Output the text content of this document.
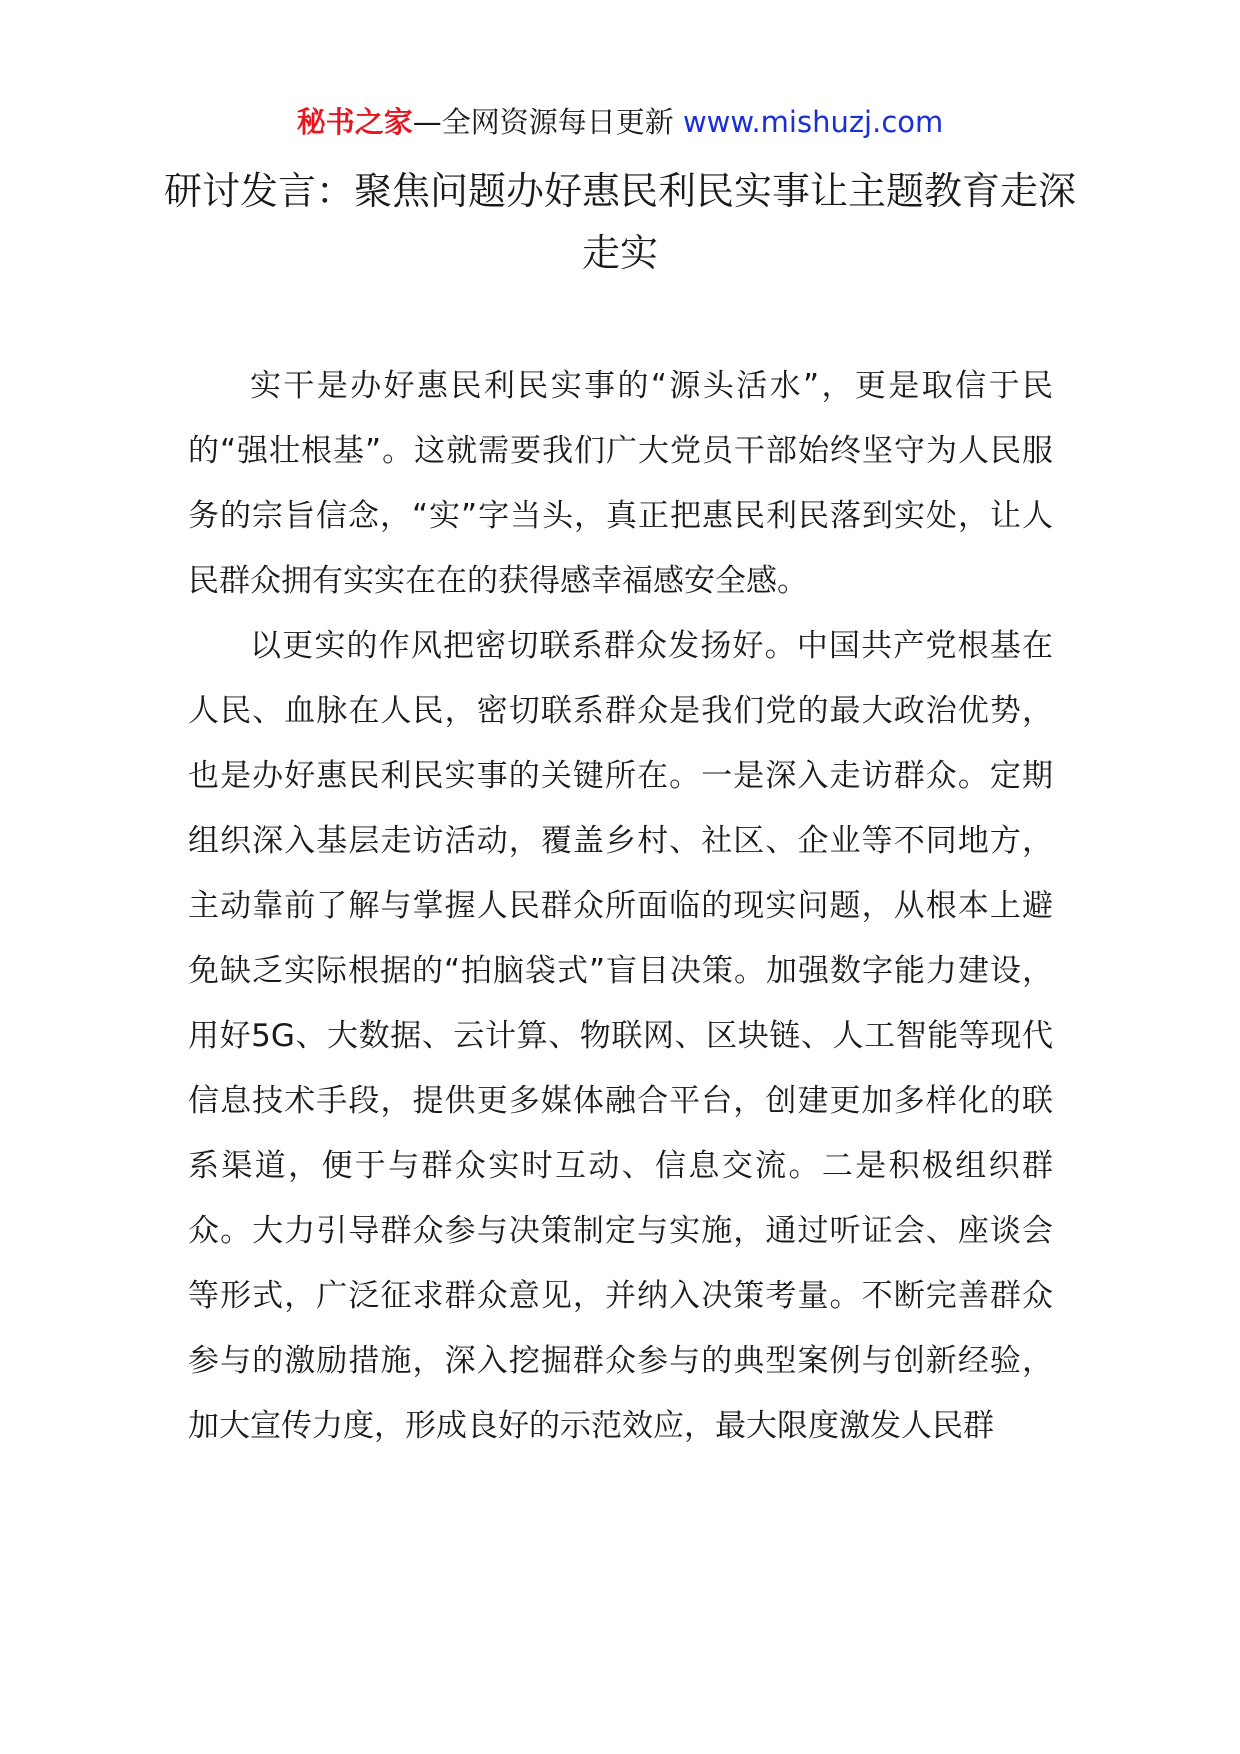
秘书之家—全网资源每日更新 www.mishuzj.com
研讨发言：聚焦问题办好惠民利民实事让主题教育走深走实

实干是办好惠民利民实事的“源头活水”，更是取信于民的“强壮根基”。这就需要我们广大党员干部始终坚守为人民服务的宗旨信念，“实”字当头，真正把惠民利民落到实处，让人民群众拥有实实在在的获得感幸福感安全感。

以更实的作风把密切联系群众发扬好。中国共产党根基在人民、血脉在人民，密切联系群众是我们党的最大政治优势，也是办好惠民利民实事的关键所在。一是深入走访群众。定期组织深入基层走访活动，覆盖乡村、社区、企业等不同地方，主动靠前了解与掌握人民群众所面临的现实问题，从根本上避免缺乏实际根据的“拍脑袋式”盲目决策。加强数字能力建设，用好5G、大数据、云计算、物联网、区块链、人工智能等现代信息技术手段，提供更多媒体融合平台，创建更加多样化的联系渠道，便于与群众实时互动、信息交流。二是积极组织群众。大力引导群众参与决策制定与实施，通过听证会、座谈会等形式，广泛征求群众意见，并纳入决策考量。不断完善群众参与的激励措施，深入挖掘群众参与的典型案例与创新经验，加大宣传力度，形成良好的示范效应，最大限度激发人民群
